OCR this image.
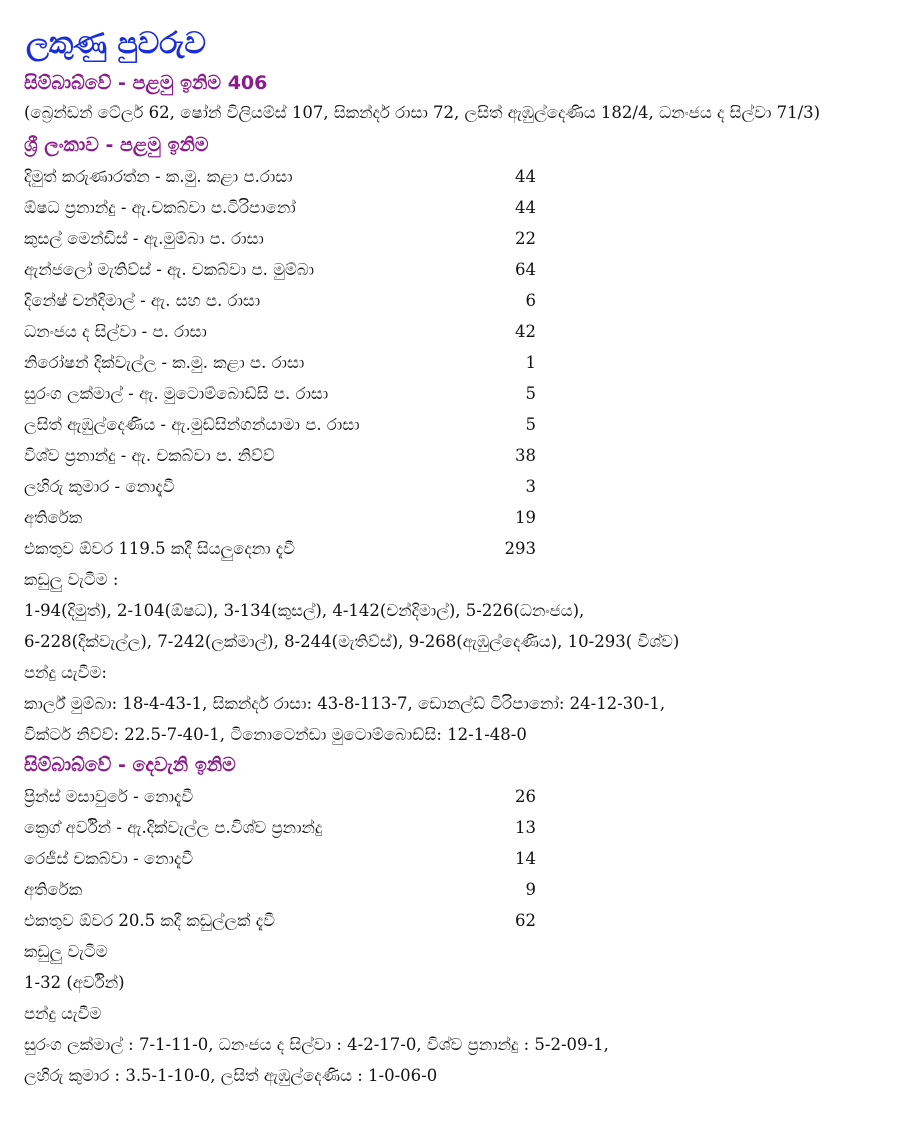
ලකුණු පුවරුව
සිම්බාබ්වේ - පළමු ඉනිම 406
(බ්‍රෙන්ඩන් ටේලර් 62, ෂෝන් විලියම්ස් 107, සිකන්දර් රාසා 72, ලසිත් ඇඹුල්දෙණිය 182/4, ධනංජය ද සිල්වා 71/3)
ශ්‍රී ලංකාව - පළමු ඉනිම
දිමුත් කරුණාරත්න - ක.මු. කළා ප.රාසා	44
ඕෂධ ප්‍රනාන්දු - ඇ.චකබ්වා ප.ටිරිපානෝ	44
කුසල් මෙන්ඩිස් - ඇ.මුම්බා ප. රාසා	22
ඇන්ජලෝ මැතිව්ස් - ඇ. චකබ්වා ප. මුම්බා	64
දිනේෂ් චන්දිමාල් - ඇ. සහ ප. රාසා	6
ධනංජය ද සිල්වා - ප. රාසා	42
නිරෝෂන් දික්වැල්ල - ක.මු. කළා ප. රාසා	1
සුරංග ලක්මාල් - ඇ. මුටොම්බොඩ්සි ප. රාසා	5
ලසිත් ඇඹුල්දෙණිය - ඇ.මුඩ්සින්ගන්යාමා ප. රාසා	5
විශ්ව ප්‍රනාන්දු - ඇ. චකබ්වා ප. නිව්ව්	38
ලහිරු කුමාර - නොදැවී	3
අතිරේක	19
එකතුව ඕවර 119.5 කදී සියලුදෙනා දැවී	293
කඩුලු වැටීම :
1-94(දිමුත්), 2-104(ඕෂධ), 3-134(කුසල්), 4-142(චන්දිමාල්), 5-226(ධනංජය),
6-228(දික්වැල්ල), 7-242(ලක්මාල්), 8-244(මැතිව්ස්), 9-268(ඇඹුල්දෙණිය), 10-293( විශ්ව)
පන්දු යැවීම:
කාර්ල් මුම්බා: 18-4-43-1, සිකන්දර් රාසා: 43-8-113-7, ඩොනල්ඩ් ටිරිපානෝ: 24-12-30-1,
වික්ටර් නිව්ව්: 22.5-7-40-1, ටිනොටෙන්ඩා මුටොම්බොඩ්සි: 12-1-48-0
සිම්බාබ්වේ - දෙවැනි ඉනිම
ප්‍රින්ස් මසාවුරේ - නොදැවී	26
ක්‍රෙග් අර්වින් - ඇ.දික්වැල්ල ප.විශ්ව ප්‍රනාන්දු	13
රෙජීස් චකබ්වා - නොදැවී	14
අතිරේක	9
එකතුව ඕවර 20.5 කදී කඩුල්ලක් දැවී	62
කඩුලු වැටීම
1-32 (අර්වින්)
පන්දු යැවීම
සුරංග ලක්මාල් : 7-1-11-0, ධනංජය ද සිල්වා : 4-2-17-0, විශ්ව ප්‍රනාන්දු : 5-2-09-1,
ලහිරු කුමාර : 3.5-1-10-0, ලසිත් ඇඹුල්දෙණිය : 1-0-06-0
